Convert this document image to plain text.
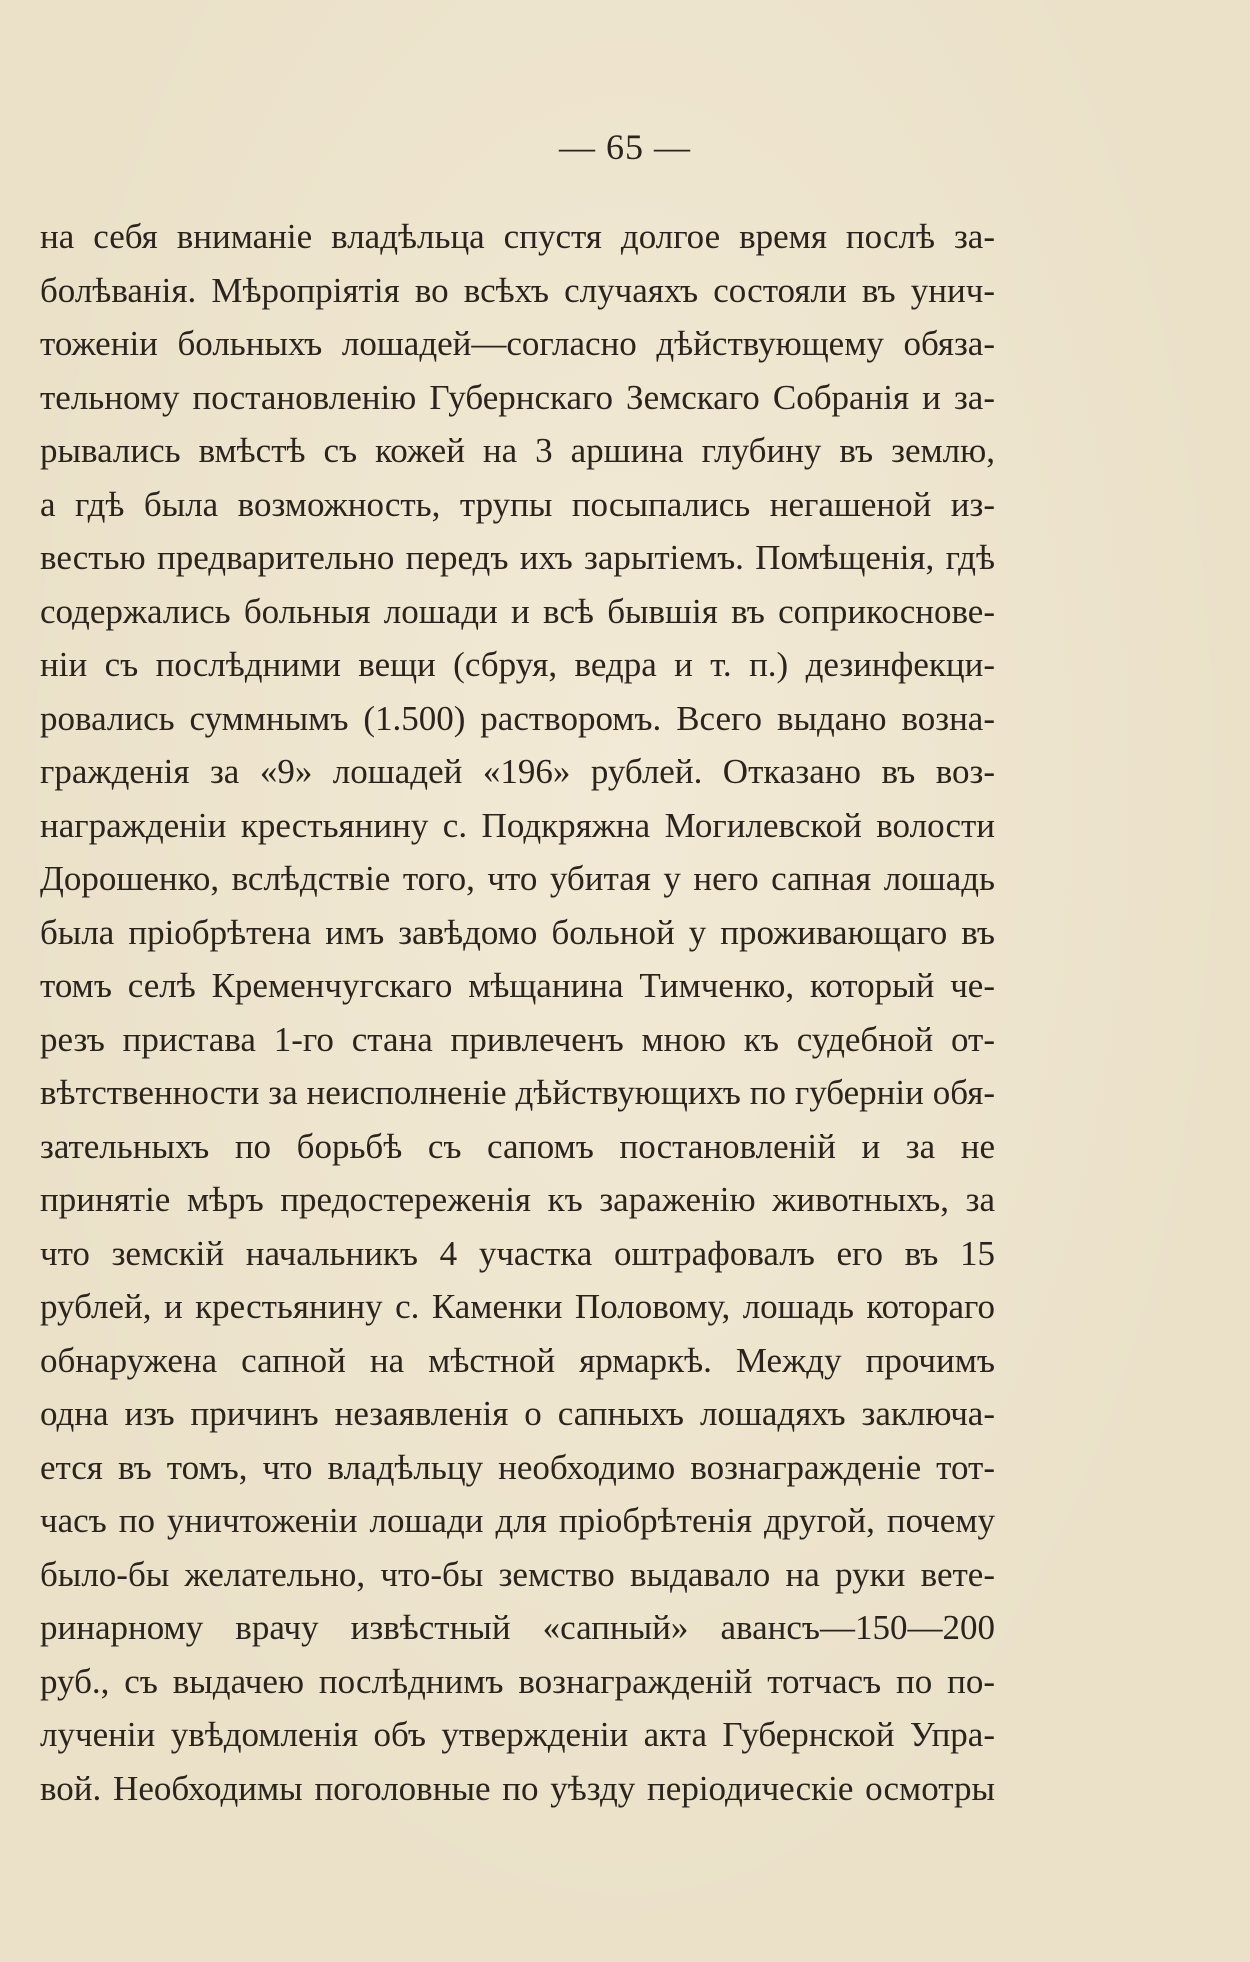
— 65 —
на себя вниманіе владѣльца спустя долгое время послѣ за-
болѣванія. Мѣропріятія во всѣхъ случаяхъ состояли въ унич-
тоженіи больныхъ лошадей—согласно дѣйствующему обяза-
тельному постановленію Губернскаго Земскаго Собранія и за-
рывались вмѣстѣ съ кожей на 3 аршина глубину въ землю,
а гдѣ была возможность, трупы посыпались негашеной из-
вестью предварительно передъ ихъ зарытіемъ. Помѣщенія, гдѣ
содержались больныя лошади и всѣ бывшія въ соприкоснове-
ніи съ послѣдними вещи (сбруя, ведра и т. п.) дезинфекци-
ровались суммнымъ (1.500) растворомъ. Всего выдано возна-
гражденія за «9» лошадей «196» рублей. Отказано въ воз-
награжденіи крестьянину с. Подкряжна Могилевской волости
Дорошенко, вслѣдствіе того, что убитая у него сапная лошадь
была пріобрѣтена имъ завѣдомо больной у проживающаго въ
томъ селѣ Кременчугскаго мѣщанина Тимченко, который че-
резъ пристава 1-го стана привлеченъ мною къ судебной от-
вѣтственности за неисполненіе дѣйствующихъ по губерніи обя-
зательныхъ по борьбѣ съ сапомъ постановленій и за не
принятіе мѣръ предостереженія къ зараженію животныхъ, за
что земскій начальникъ 4 участка оштрафовалъ его въ 15
рублей, и крестьянину с. Каменки Половому, лошадь котораго
обнаружена сапной на мѣстной ярмаркѣ. Между прочимъ
одна изъ причинъ незаявленія о сапныхъ лошадяхъ заключа-
ется въ томъ, что владѣльцу необходимо вознагражденіе тот-
часъ по уничтоженіи лошади для пріобрѣтенія другой, почему
было-бы желательно, что-бы земство выдавало на руки вете-
ринарному врачу извѣстный «сапный» авансъ—150—200
руб., съ выдачею послѣднимъ вознагражденій тотчасъ по по-
лученіи увѣдомленія объ утвержденіи акта Губернской Упра-
вой. Необходимы поголовные по уѣзду періодическіе осмотры
